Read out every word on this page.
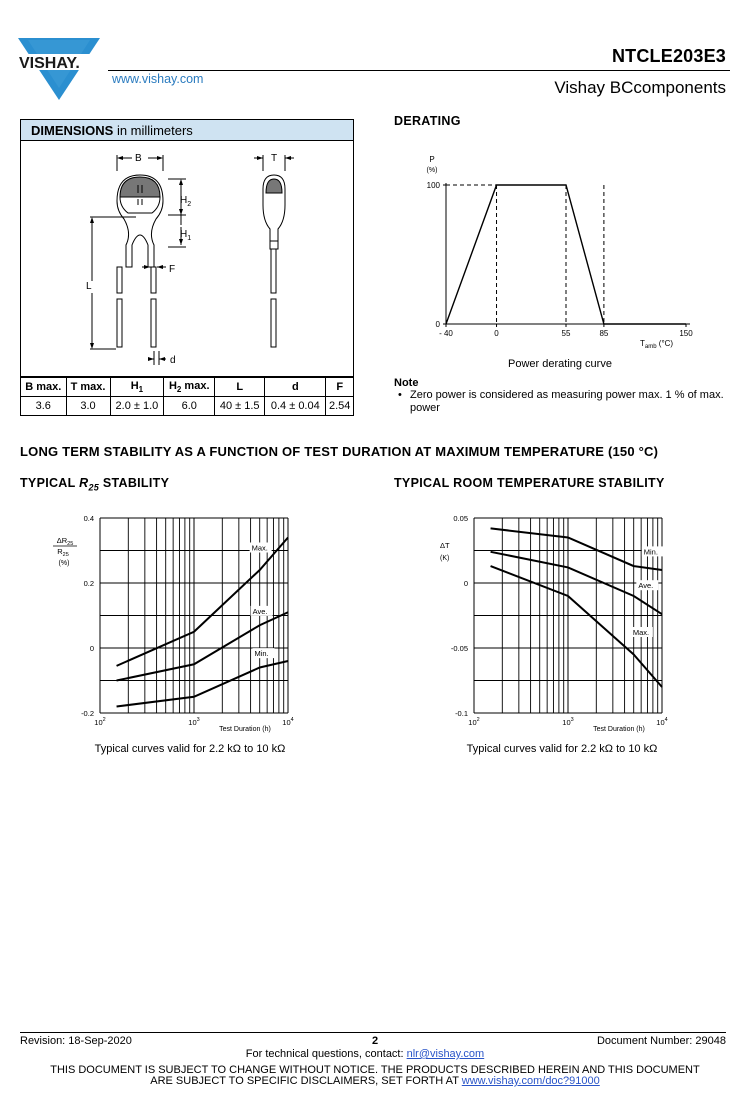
VISHAY.
www.vishay.com
NTCLE203E3
Vishay BCcomponents
DIMENSIONS in millimeters
B	T
$H_2$
$H_1$
L
F
d
B max.	T max.	$H_1$	$H_2$ max.	L	d	F
3.6	3.0	2.0 ± 1.0	6.0	40 ± 1.5	0.4 ± 0.04	2.54
DERATING
- 40	0	55	85	150
0
100
P
(%)
$T_{amb}$ (°C)
Power derating curve
Note
• Zero power is considered as measuring power max. 1 % of max. power
LONG TERM STABILITY AS A FUNCTION OF TEST DURATION AT MAXIMUM TEMPERATURE (150 °C)
TYPICAL $R_{25}$ STABILITY	TYPICAL ROOM TEMPERATURE STABILITY
0.4
0.2
0
-0.2
$10^2$	$10^3$	$10^4$
Test Duration (h)
Max.
Ave.
Min.
$\Delta R_{25}$
$R_{25}$
(%)
Typical curves valid for 2.2 kΩ to 10 kΩ
0.05
0
-0.05
-0.1
$10^2$	$10^3$	$10^4$
Test Duration (h)
Min.
Ave.
Max.
ΔT
(K)
Typical curves valid for 2.2 kΩ to 10 kΩ
Revision: 18-Sep-2020	2	Document Number: 29048
For technical questions, contact: nlr@vishay.com
THIS DOCUMENT IS SUBJECT TO CHANGE WITHOUT NOTICE. THE PRODUCTS DESCRIBED HEREIN AND THIS DOCUMENT
ARE SUBJECT TO SPECIFIC DISCLAIMERS, SET FORTH AT www.vishay.com/doc?91000
